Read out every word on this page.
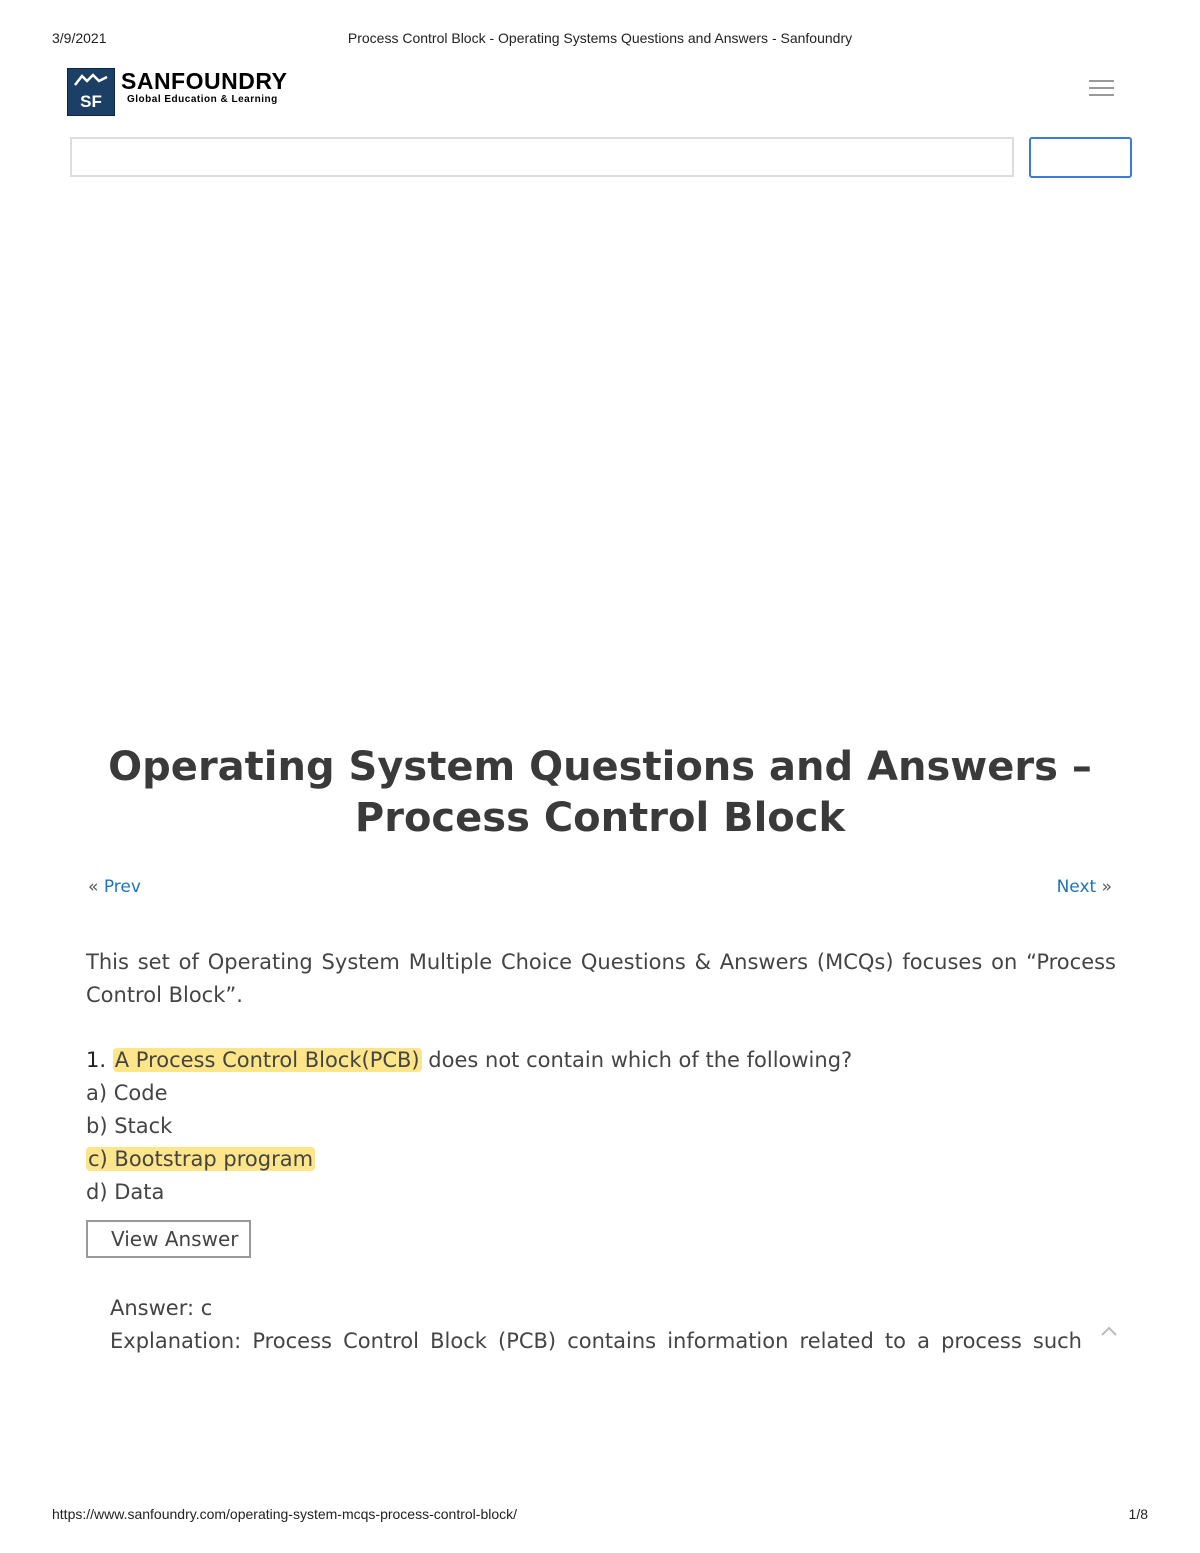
3/9/2021	Process Control Block - Operating Systems Questions and Answers - Sanfoundry
SF
SANFOUNDRY
Global Education & Learning
Operating System Questions and Answers – Process Control Block
« Prev	Next »

This set of Operating System Multiple Choice Questions & Answers (MCQs) focuses on “Process Control Block”.

1. A Process Control Block(PCB) does not contain which of the following?
a) Code
b) Stack
c) Bootstrap program
d) Data
View Answer
Answer: c
Explanation: Process Control Block (PCB) contains information related to a process such
https://www.sanfoundry.com/operating-system-mcqs-process-control-block/	1/8
